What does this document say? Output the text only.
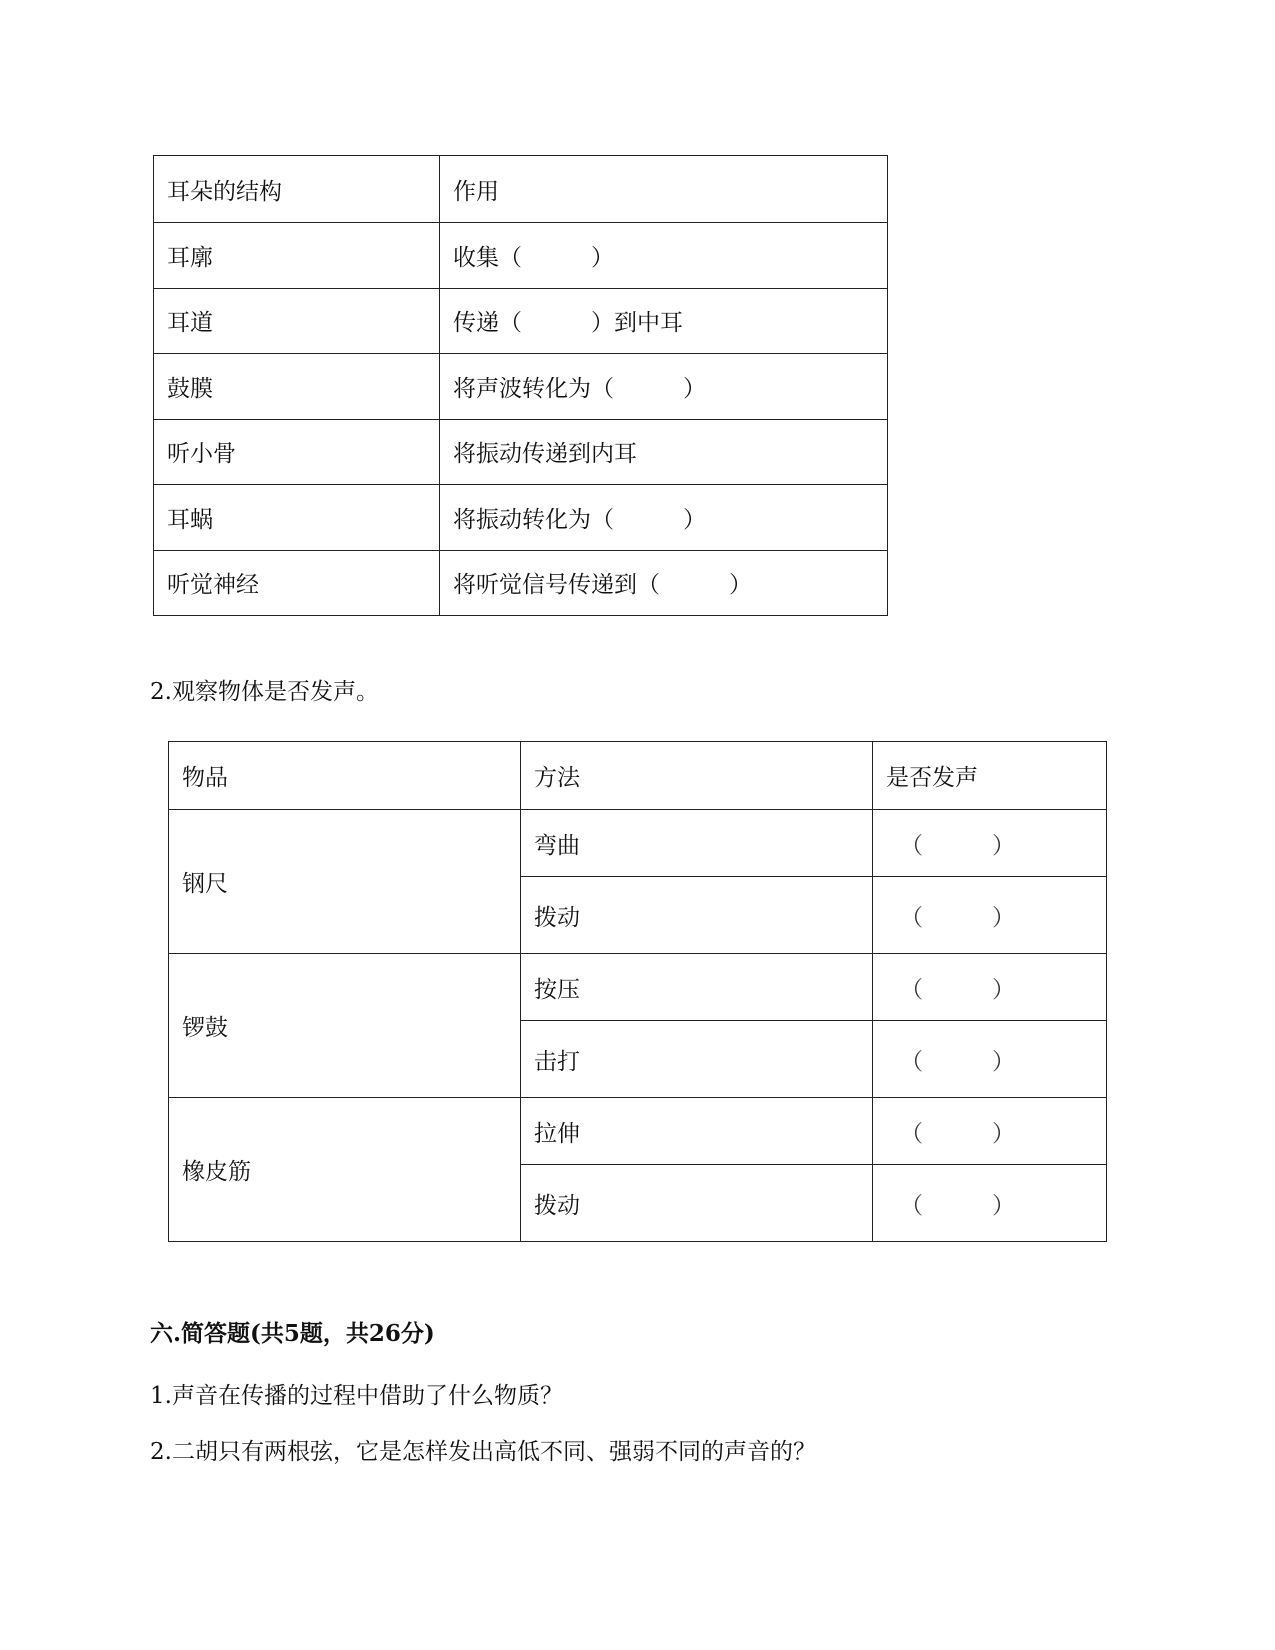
耳朵的结构	作用
耳廓	收集（　　　）
耳道	传递（　　　）到中耳
鼓膜	将声波转化为（　　　）
听小骨	将振动传递到内耳
耳蜗	将振动转化为（　　　）
听觉神经	将听觉信号传递到（　　　）

2.观察物体是否发声。

物品	方法	是否发声
钢尺	弯曲	（　　　）
	拨动	（　　　）
锣鼓	按压	（　　　）
	击打	（　　　）
橡皮筋	拉伸	（　　　）
	拨动	（　　　）

六.简答题(共5题，共26分)

1.声音在传播的过程中借助了什么物质？

2.二胡只有两根弦，它是怎样发出高低不同、强弱不同的声音的？
